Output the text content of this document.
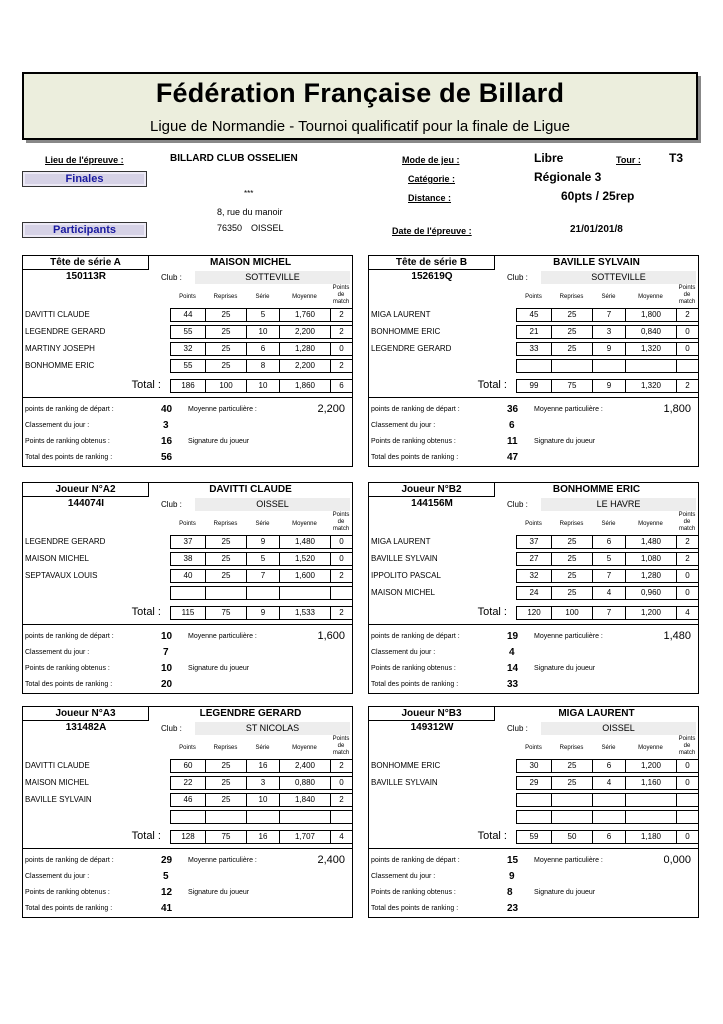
Fédération Française de Billard
Ligue de Normandie - Tournoi qualificatif pour la finale de Ligue
Lieu de l'épreuve :	BILLARD CLUB OSSELIEN	Mode de jeu :	Libre	Tour : T3
Finales	Catégorie :	Régionale 3
***	Distance :	60pts / 25rep
8, rue du manoir
Participants	76350 OISSEL	Date de l'épreuve :	21/01/201/8
Tête de série A	MAISON MICHEL
150113R	Club :	SOTTEVILLE
Points	Reprises	Série	Moyenne
Points de
match
DAVITTI CLAUDE	44	25	5	1,760	2
LEGENDRE GERARD	55	25	10	2,200	2
MARTINY JOSEPH	32	25	6	1,280	0
BONHOMME ERIC	55	25	8	2,200	2
Total :	186	100	10	1,860	6
points de ranking de départ :	40 Moyenne particulière :	2,200
Classement du jour :	3
Points de ranking obtenus :	16 Signature du joueur
Total des points de ranking :	56
Tête de série B	BAVILLE SYLVAIN
152619Q	Club :	SOTTEVILLE
Points	Reprises	Série	Moyenne
Points de
match
MIGA LAURENT	45	25	7	1,800	2
BONHOMME ERIC	21	25	3	0,840	0
LEGENDRE GERARD	33	25	9	1,320	0
Total :	99	75	9	1,320	2
points de ranking de départ :	36 Moyenne particulière :	1,800
Classement du jour :	6
Points de ranking obtenus :	11 Signature du joueur
Total des points de ranking :	47
Joueur N°A2	DAVITTI CLAUDE
144074I	Club :	OISSEL
Points	Reprises	Série	Moyenne
Points de
match
LEGENDRE GERARD	37	25	9	1,480	0
MAISON MICHEL	38	25	5	1,520	0
SEPTAVAUX LOUIS	40	25	7	1,600	2
Total :	115	75	9	1,533	2
points de ranking de départ :	10 Moyenne particulière :	1,600
Classement du jour :	7
Points de ranking obtenus :	10 Signature du joueur
Total des points de ranking :	20
Joueur N°B2	BONHOMME ERIC
144156M	Club :	LE HAVRE
Points	Reprises	Série	Moyenne
Points de
match
MIGA LAURENT	37	25	6	1,480	2
BAVILLE SYLVAIN	27	25	5	1,080	2
IPPOLITO PASCAL	32	25	7	1,280	0
MAISON MICHEL	24	25	4	0,960	0
Total :	120	100	7	1,200	4
points de ranking de départ :	19 Moyenne particulière :	1,480
Classement du jour :	4
Points de ranking obtenus :	14 Signature du joueur
Total des points de ranking :	33
Joueur N°A3	LEGENDRE GERARD
131482A	Club :	ST NICOLAS
Points	Reprises	Série	Moyenne
Points de
match
DAVITTI CLAUDE	60	25	16	2,400	2
MAISON MICHEL	22	25	3	0,880	0
BAVILLE SYLVAIN	46	25	10	1,840	2
Total :	128	75	16	1,707	4
points de ranking de départ :	29 Moyenne particulière :	2,400
Classement du jour :	5
Points de ranking obtenus :	12 Signature du joueur
Total des points de ranking :	41
Joueur N°B3	MIGA LAURENT
149312W	Club :	OISSEL
Points	Reprises	Série	Moyenne
Points de
match
BONHOMME ERIC	30	25	6	1,200	0
BAVILLE SYLVAIN	29	25	4	1,160	0
Total :	59	50	6	1,180	0
points de ranking de départ :	15 Moyenne particulière :	0,000
Classement du jour :	9
Points de ranking obtenus :	8	Signature du joueur
Total des points de ranking :	23
